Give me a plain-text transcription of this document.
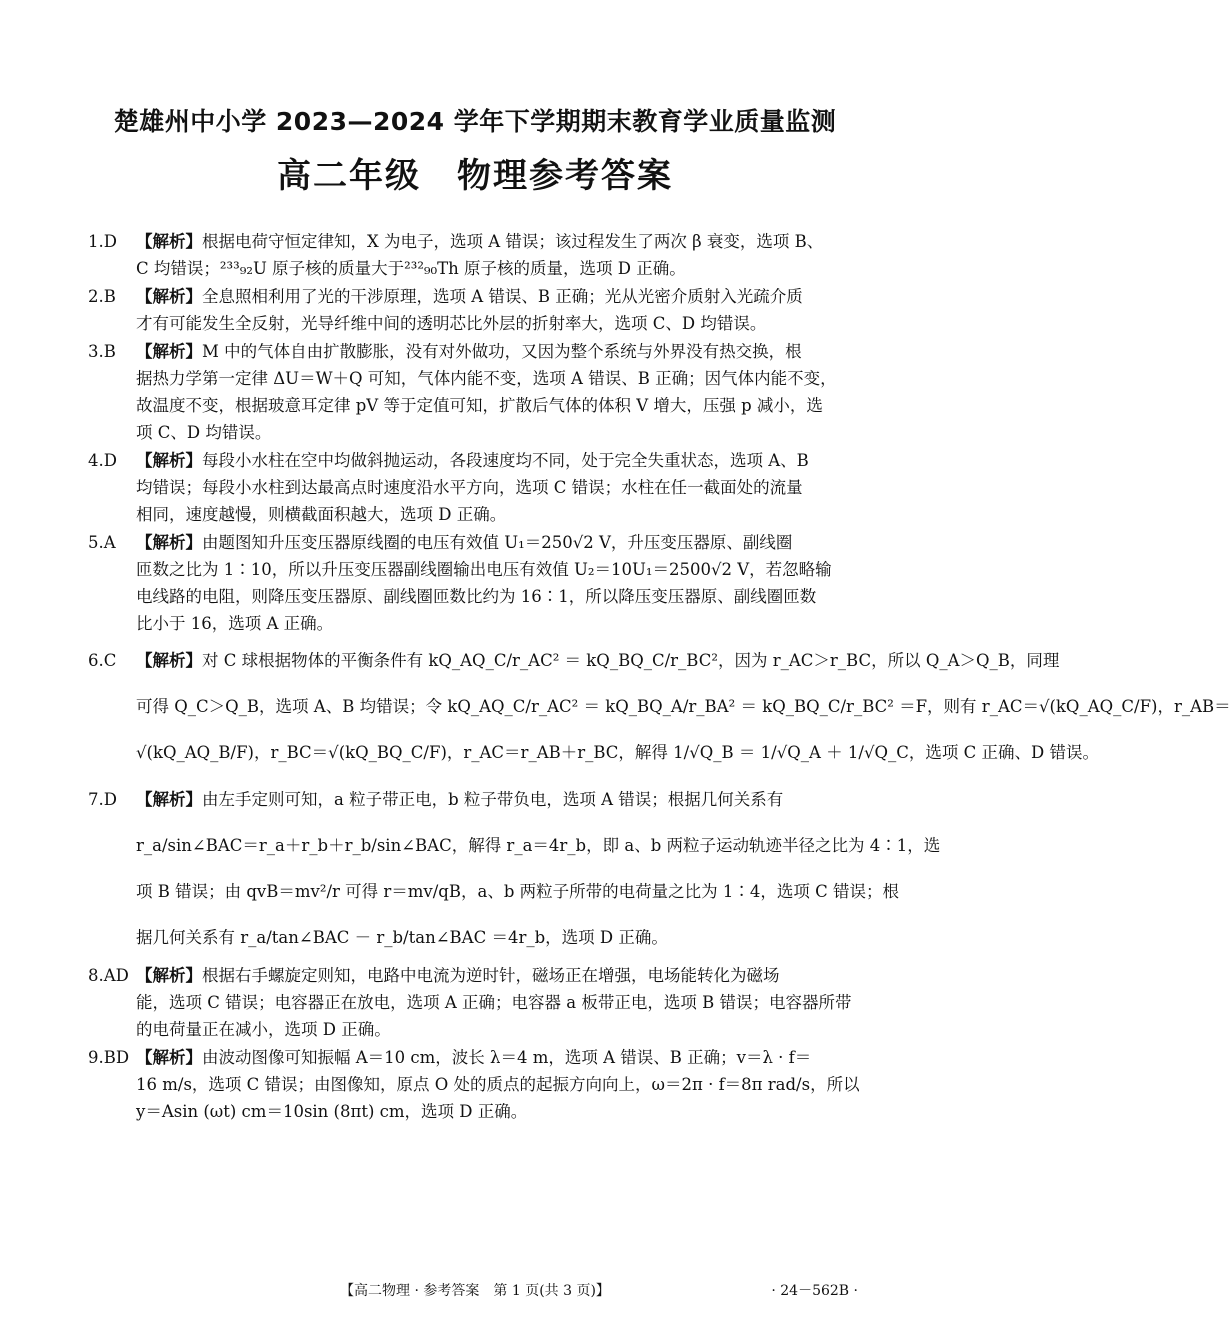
楚雄州中小学 2023—2024 学年下学期期末教育学业质量监测
高二年级　物理参考答案
1.D	【解析】根据电荷守恒定律知，X 为电子，选项 A 错误；该过程发生了两次 β 衰变，选项 B、
C 均错误；²³³₉₂U 原子核的质量大于²³²₉₀Th 原子核的质量，选项 D 正确。
2.B	【解析】全息照相利用了光的干涉原理，选项 A 错误、B 正确；光从光密介质射入光疏介质
才有可能发生全反射，光导纤维中间的透明芯比外层的折射率大，选项 C、D 均错误。
3.B	【解析】M 中的气体自由扩散膨胀，没有对外做功，又因为整个系统与外界没有热交换，根
据热力学第一定律 ΔU＝W＋Q 可知，气体内能不变，选项 A 错误、B 正确；因气体内能不变，
故温度不变，根据玻意耳定律 pV 等于定值可知，扩散后气体的体积 V 增大，压强 p 减小，选
项 C、D 均错误。
4.D	【解析】每段小水柱在空中均做斜抛运动，各段速度均不同，处于完全失重状态，选项 A、B
均错误；每段小水柱到达最高点时速度沿水平方向，选项 C 错误；水柱在任一截面处的流量
相同，速度越慢，则横截面积越大，选项 D 正确。
5.A	【解析】由题图知升压变压器原线圈的电压有效值 U₁＝250√2 V，升压变压器原、副线圈
匝数之比为 1∶10，所以升压变压器副线圈输出电压有效值 U₂＝10U₁＝2500√2 V，若忽略输
电线路的电阻，则降压变压器原、副线圈匝数比约为 16∶1，所以降压变压器原、副线圈匝数
比小于 16，选项 A 正确。
6.C	【解析】对 C 球根据物体的平衡条件有 kQ_AQ_C/r_AC² ＝ kQ_BQ_C/r_BC²，因为 r_AC＞r_BC，所以 Q_A＞Q_B，同理
可得 Q_C＞Q_B，选项 A、B 均错误；令 kQ_AQ_C/r_AC² ＝ kQ_BQ_A/r_BA² ＝ kQ_BQ_C/r_BC² ＝F，则有 r_AC＝√(kQ_AQ_C/F)，r_AB＝
√(kQ_AQ_B/F)，r_BC＝√(kQ_BQ_C/F)，r_AC＝r_AB＋r_BC，解得 1/√Q_B ＝ 1/√Q_A ＋ 1/√Q_C，选项 C 正确、D 错误。
7.D	【解析】由左手定则可知，a 粒子带正电，b 粒子带负电，选项 A 错误；根据几何关系有
r_a/sin∠BAC＝r_a＋r_b＋r_b/sin∠BAC，解得 r_a＝4r_b，即 a、b 两粒子运动轨迹半径之比为 4∶1，选
项 B 错误；由 qvB＝mv²/r 可得 r＝mv/qB，a、b 两粒子所带的电荷量之比为 1∶4，选项 C 错误；根
据几何关系有 r_a/tan∠BAC － r_b/tan∠BAC ＝4r_b，选项 D 正确。
8.AD 【解析】根据右手螺旋定则知，电路中电流为逆时针，磁场正在增强，电场能转化为磁场
能，选项 C 错误；电容器正在放电，选项 A 正确；电容器 a 板带正电，选项 B 错误；电容器所带
的电荷量正在减小，选项 D 正确。
9.BD 【解析】由波动图像可知振幅 A＝10 cm，波长 λ＝4 m，选项 A 错误、B 正确；v＝λ · f＝
16 m/s，选项 C 错误；由图像知，原点 O 处的质点的起振方向向上，ω＝2π · f＝8π rad/s，所以
y＝Asin (ωt) cm＝10sin (8πt) cm，选项 D 正确。
【高二物理 · 参考答案　第 1 页(共 3 页)】	· 24－562B ·
